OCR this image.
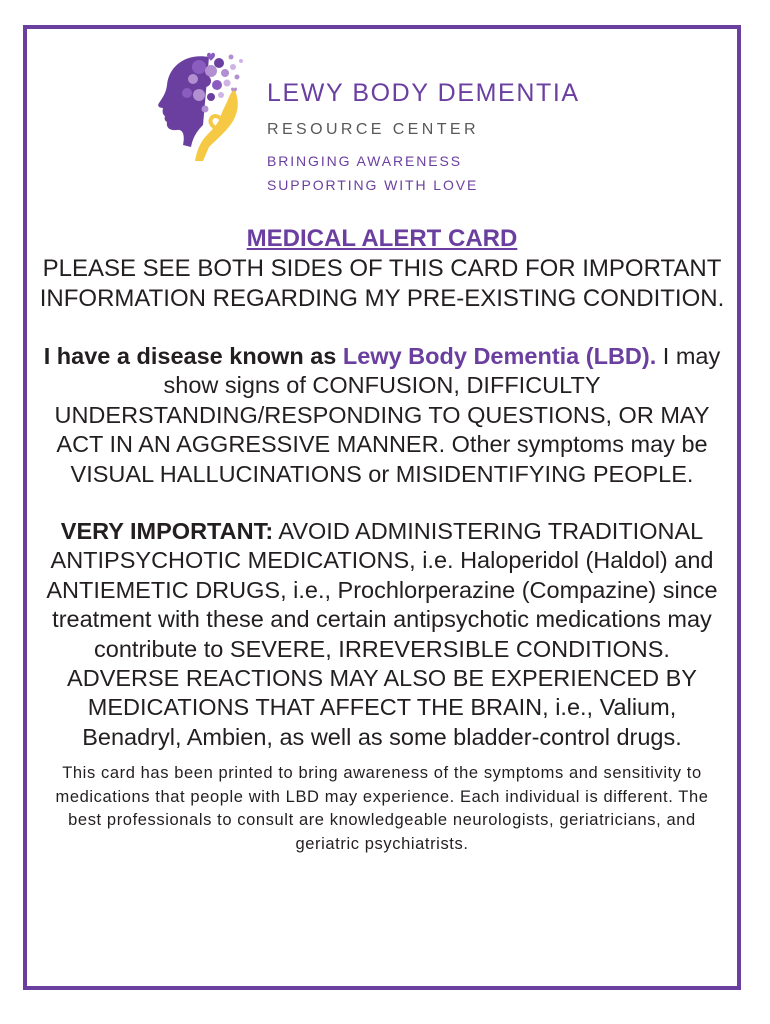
LEWY BODY DEMENTIA
RESOURCE CENTER
BRINGING AWARENESS
SUPPORTING WITH LOVE

MEDICAL ALERT CARD

PLEASE SEE BOTH SIDES OF THIS CARD FOR IMPORTANT INFORMATION REGARDING MY PRE-EXISTING CONDITION.

I have a disease known as Lewy Body Dementia (LBD). I may show signs of CONFUSION, DIFFICULTY UNDERSTANDING/RESPONDING TO QUESTIONS, OR MAY ACT IN AN AGGRESSIVE MANNER. Other symptoms may be VISUAL HALLUCINATIONS or MISIDENTIFYING PEOPLE.

VERY IMPORTANT: AVOID ADMINISTERING TRADITIONAL ANTIPSYCHOTIC MEDICATIONS, i.e. Haloperidol (Haldol) and ANTIEMETIC DRUGS, i.e., Prochlorperazine (Compazine) since treatment with these and certain antipsychotic medications may contribute to SEVERE, IRREVERSIBLE CONDITIONS. ADVERSE REACTIONS MAY ALSO BE EXPERIENCED BY MEDICATIONS THAT AFFECT THE BRAIN, i.e., Valium, Benadryl, Ambien, as well as some bladder-control drugs.

This card has been printed to bring awareness of the symptoms and sensitivity to medications that people with LBD may experience. Each individual is different. The best professionals to consult are knowledgeable neurologists, geriatricians, and geriatric psychiatrists.
